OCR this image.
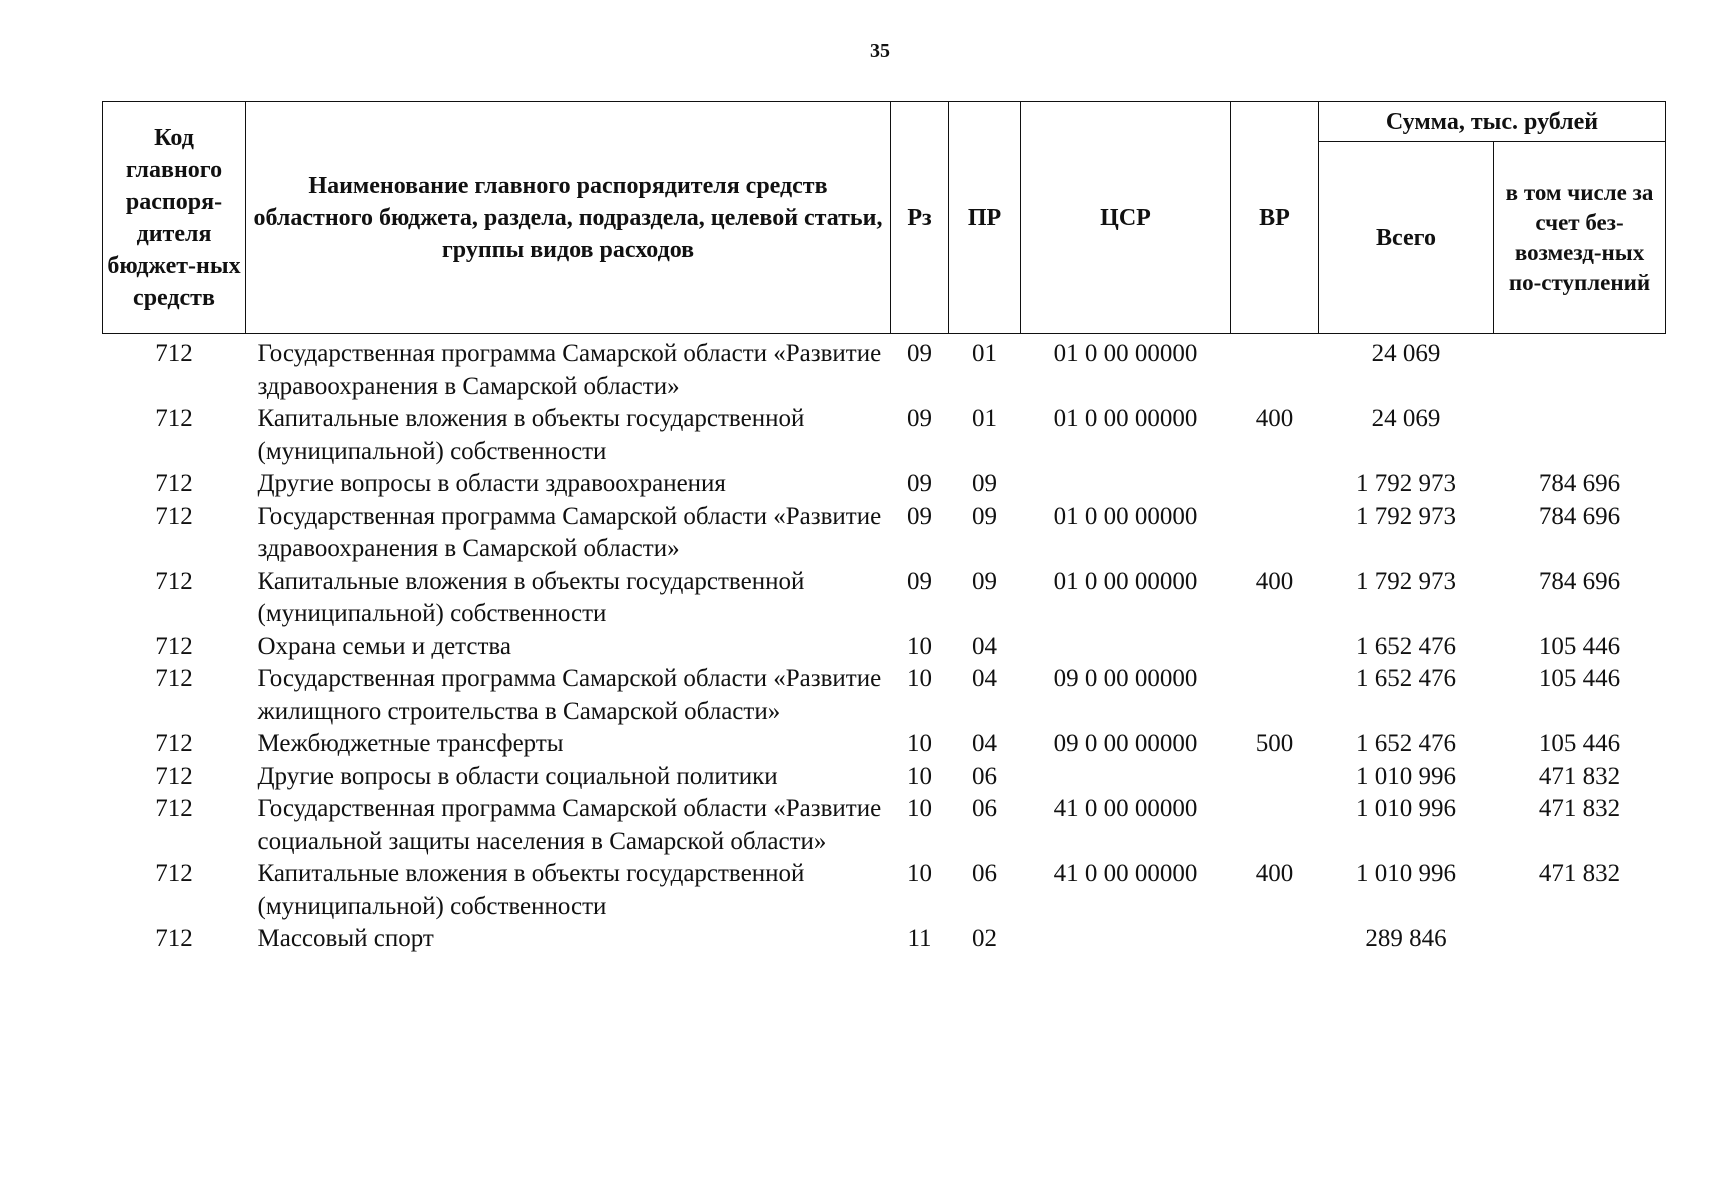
35
Код главного распоря-дителя бюджет-ных средств	Наименование главного распорядителя средств областного бюджета, раздела, подраздела, целевой статьи, группы видов расходов	Рз	ПР	ЦСР	ВР	Сумма, тыс. рублей	
						Всего	в том числе за счет без-возмезд-ных по-ступлений
712	Государственная программа Самарской области «Развитие здравоохранения в Самарской области»	09	01	01 0 00 00000		24 069	
712	Капитальные вложения в объекты государственной (муниципальной) собственности	09	01	01 0 00 00000	400	24 069	
712	Другие вопросы в области здравоохранения	09	09			1 792 973	784 696
712	Государственная программа Самарской области «Развитие здравоохранения в Самарской области»	09	09	01 0 00 00000		1 792 973	784 696
712	Капитальные вложения в объекты государственной (муниципальной) собственности	09	09	01 0 00 00000	400	1 792 973	784 696
712	Охрана семьи и детства	10	04			1 652 476	105 446
712	Государственная программа Самарской области «Развитие жилищного строительства в Самарской области»	10	04	09 0 00 00000		1 652 476	105 446
712	Межбюджетные трансферты	10	04	09 0 00 00000	500	1 652 476	105 446
712	Другие вопросы в области социальной политики	10	06			1 010 996	471 832
712	Государственная программа Самарской области «Развитие социальной защиты населения в Самарской области»	10	06	41 0 00 00000		1 010 996	471 832
712	Капитальные вложения в объекты государственной (муниципальной) собственности	10	06	41 0 00 00000	400	1 010 996	471 832
712	Массовый спорт	11	02			289 846	
